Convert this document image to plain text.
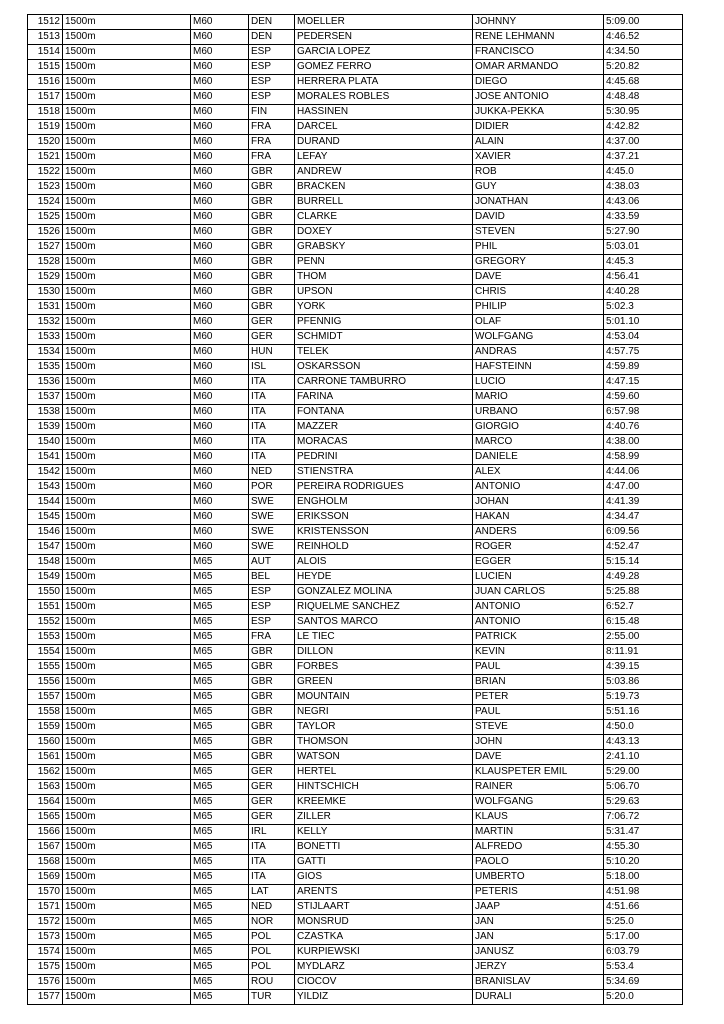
1512	1500m	M60	DEN	MOELLER	JOHNNY	5:09.00
1513	1500m	M60	DEN	PEDERSEN	RENE LEHMANN	4:46.52
1514	1500m	M60	ESP	GARCIA LOPEZ	FRANCISCO	4:34.50
1515	1500m	M60	ESP	GOMEZ FERRO	OMAR ARMANDO	5:20.82
1516	1500m	M60	ESP	HERRERA PLATA	DIEGO	4:45.68
1517	1500m	M60	ESP	MORALES ROBLES	JOSE ANTONIO	4:48.48
1518	1500m	M60	FIN	HASSINEN	JUKKA-PEKKA	5:30.95
1519	1500m	M60	FRA	DARCEL	DIDIER	4:42.82
1520	1500m	M60	FRA	DURAND	ALAIN	4:37.00
1521	1500m	M60	FRA	LEFAY	XAVIER	4:37.21
1522	1500m	M60	GBR	ANDREW	ROB	4:45.0
1523	1500m	M60	GBR	BRACKEN	GUY	4:38.03
1524	1500m	M60	GBR	BURRELL	JONATHAN	4:43.06
1525	1500m	M60	GBR	CLARKE	DAVID	4:33.59
1526	1500m	M60	GBR	DOXEY	STEVEN	5:27.90
1527	1500m	M60	GBR	GRABSKY	PHIL	5:03.01
1528	1500m	M60	GBR	PENN	GREGORY	4:45.3
1529	1500m	M60	GBR	THOM	DAVE	4:56.41
1530	1500m	M60	GBR	UPSON	CHRIS	4:40.28
1531	1500m	M60	GBR	YORK	PHILIP	5:02.3
1532	1500m	M60	GER	PFENNIG	OLAF	5:01.10
1533	1500m	M60	GER	SCHMIDT	WOLFGANG	4:53.04
1534	1500m	M60	HUN	TELEK	ANDRAS	4:57.75
1535	1500m	M60	ISL	OSKARSSON	HAFSTEINN	4:59.89
1536	1500m	M60	ITA	CARRONE TAMBURRO	LUCIO	4:47.15
1537	1500m	M60	ITA	FARINA	MARIO	4:59.60
1538	1500m	M60	ITA	FONTANA	URBANO	6:57.98
1539	1500m	M60	ITA	MAZZER	GIORGIO	4:40.76
1540	1500m	M60	ITA	MORACAS	MARCO	4:38.00
1541	1500m	M60	ITA	PEDRINI	DANIELE	4:58.99
1542	1500m	M60	NED	STIENSTRA	ALEX	4:44.06
1543	1500m	M60	POR	PEREIRA RODRIGUES	ANTONIO	4:47.00
1544	1500m	M60	SWE	ENGHOLM	JOHAN	4:41.39
1545	1500m	M60	SWE	ERIKSSON	HAKAN	4:34.47
1546	1500m	M60	SWE	KRISTENSSON	ANDERS	6:09.56
1547	1500m	M60	SWE	REINHOLD	ROGER	4:52.47
1548	1500m	M65	AUT	ALOIS	EGGER	5:15.14
1549	1500m	M65	BEL	HEYDE	LUCIEN	4:49.28
1550	1500m	M65	ESP	GONZALEZ MOLINA	JUAN CARLOS	5:25.88
1551	1500m	M65	ESP	RIQUELME SANCHEZ	ANTONIO	6:52.7
1552	1500m	M65	ESP	SANTOS MARCO	ANTONIO	6:15.48
1553	1500m	M65	FRA	LE TIEC	PATRICK	2:55.00
1554	1500m	M65	GBR	DILLON	KEVIN	8:11.91
1555	1500m	M65	GBR	FORBES	PAUL	4:39.15
1556	1500m	M65	GBR	GREEN	BRIAN	5:03.86
1557	1500m	M65	GBR	MOUNTAIN	PETER	5:19.73
1558	1500m	M65	GBR	NEGRI	PAUL	5:51.16
1559	1500m	M65	GBR	TAYLOR	STEVE	4:50.0
1560	1500m	M65	GBR	THOMSON	JOHN	4:43.13
1561	1500m	M65	GBR	WATSON	DAVE	2:41.10
1562	1500m	M65	GER	HERTEL	KLAUSPETER EMIL	5:29.00
1563	1500m	M65	GER	HINTSCHICH	RAINER	5:06.70
1564	1500m	M65	GER	KREEMKE	WOLFGANG	5:29.63
1565	1500m	M65	GER	ZILLER	KLAUS	7:06.72
1566	1500m	M65	IRL	KELLY	MARTIN	5:31.47
1567	1500m	M65	ITA	BONETTI	ALFREDO	4:55.30
1568	1500m	M65	ITA	GATTI	PAOLO	5:10.20
1569	1500m	M65	ITA	GIOS	UMBERTO	5:18.00
1570	1500m	M65	LAT	ARENTS	PETERIS	4:51.98
1571	1500m	M65	NED	STIJLAART	JAAP	4:51.66
1572	1500m	M65	NOR	MONSRUD	JAN	5:25.0
1573	1500m	M65	POL	CZASTKA	JAN	5:17.00
1574	1500m	M65	POL	KURPIEWSKI	JANUSZ	6:03.79
1575	1500m	M65	POL	MYDLARZ	JERZY	5:53.4
1576	1500m	M65	ROU	CIOCOV	BRANISLAV	5:34.69
1577	1500m	M65	TUR	YILDIZ	DURALI	5:20.0
